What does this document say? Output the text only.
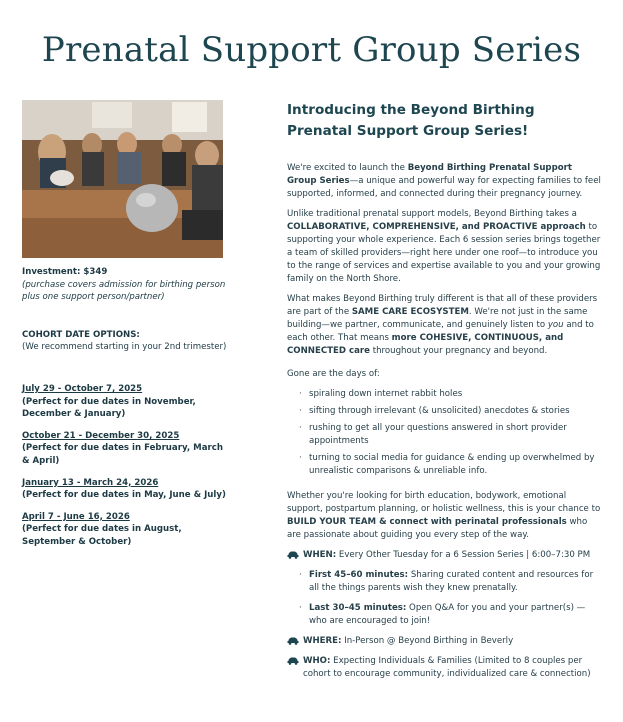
Prenatal Support Group Series
Investment: $349
(purchase covers admission for birthing person plus one support person/partner)
COHORT DATE OPTIONS:
(We recommend starting in your 2nd trimester)
July 29 - October 7, 2025
(Perfect for due dates in November, December & January)
October 21 - December 30, 2025
(Perfect for due dates in February, March & April)
January 13 - March 24, 2026
(Perfect for due dates in May, June & July)
April 7 - June 16, 2026
(Perfect for due dates in August, September & October)
Introducing the Beyond Birthing Prenatal Support Group Series!

We're excited to launch the Beyond Birthing Prenatal Support Group Series—a unique and powerful way for expecting families to feel supported, informed, and connected during their pregnancy journey.

Unlike traditional prenatal support models, Beyond Birthing takes a COLLABORATIVE, COMPREHENSIVE, and PROACTIVE approach to supporting your whole experience. Each 6 session series brings together a team of skilled providers—right here under one roof—to introduce you to the range of services and expertise available to you and your growing family on the North Shore.

What makes Beyond Birthing truly different is that all of these providers are part of the SAME CARE ECOSYSTEM. We're not just in the same building—we partner, communicate, and genuinely listen to you and to each other. That means more COHESIVE, CONTINUOUS, and CONNECTED care throughout your pregnancy and beyond.

Gone are the days of:

· spiraling down internet rabbit holes
· sifting through irrelevant (& unsolicited) anecdotes & stories
· rushing to get all your questions answered in short provider appointments
· turning to social media for guidance & ending up overwhelmed by unrealistic comparisons & unreliable info.

Whether you're looking for birth education, bodywork, emotional support, postpartum planning, or holistic wellness, this is your chance to BUILD YOUR TEAM & connect with perinatal professionals who are passionate about guiding you every step of the way.

WHEN: Every Other Tuesday for a 6 Session Series | 6:00–7:30 PM
· First 45–60 minutes: Sharing curated content and resources for all the things parents wish they knew prenatally.
· Last 30–45 minutes: Open Q&A for you and your partner(s) — who are encouraged to join!
WHERE: In-Person @ Beyond Birthing in Beverly
WHO: Expecting Individuals & Families (Limited to 8 couples per cohort to encourage community, individualized care & connection)
